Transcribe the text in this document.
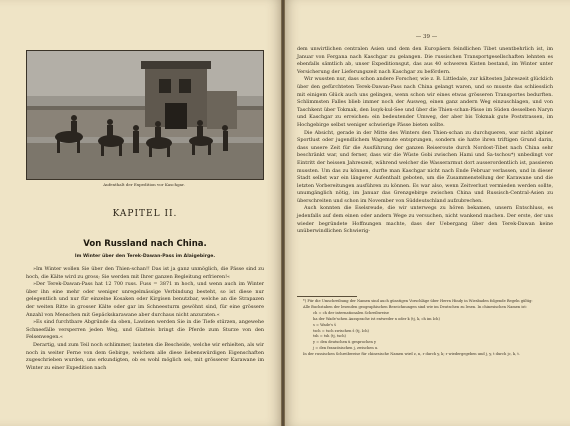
Aufenthalt der Expedition vor Kaschgar.
KAPITEL II.
Von Russland nach China.
Im Winter über den Terek-Dawan-Pass im Alaigebirge.

»Im Winter wollen Sie über den Thien-schan!! Das ist ja ganz unmöglich, die Pässe sind zu hoch, die Kälte wird zu gross; Sie werden mit Ihrer ganzen Begleitung erfrieren!«

»Der Terek-Dawan-Pass hat 12 700 russ. Fuss = 3871 m hoch, und wenn auch im Winter über ihn eine mehr oder weniger unregelmässige Verbindung besteht, so ist diese nur gelegentlich und nur für einzelne Kosaken oder Kirgisen benutzbar, welche an die Strapazen der weiten Ritte in grosser Kälte oder gar im Schneesturm gewöhnt sind, für eine grössere Anzahl von Menschen mit Gepäckskarawane aber durchaus nicht anzuraten.«

»Es sind furchtbare Abgründe da oben, Lawinen werden Sie in die Tiefe stürzen, angewehe Schneefälle versperren jeden Weg, und Glatteis bringt die Pferde zum Sturze von den Felsenwegen.«

Derartig, und zum Teil noch schlimmer, lauteten die Bescheide, welche wir erhielten, als wir noch in weiter Ferne von dem Gebirge, welchem alle diese liebenswürdigen Eigenschaften zugeschrieben wurden, uns erkundigten, ob es wohl möglich sei, mit grösserer Karawane im Winter zu einer Expedition nach

— 39 —

dem unwirtlichen centralen Asien und dem den Europäern feindlichen Tibet unentbehrlich ist, im Januar von Fergana nach Kaschgar zu gelangen. Die russischen Transportgesellschaften lehnten es ebenfalls sämtlich ab, unser Expeditionsgut, das aus 40 schweren Kisten bestand, im Winter unter Versicherung der Lieferungszeit nach Kaschgar zu befördern.

Wir wussten nur, dass schon andere Forscher, wie z. B. Littledale, zur kältesten Jahreszeit glücklich über den gefürchteten Terek-Dawan-Pass nach China gelangt waren, und so musste das schliesslich mit einigem Glück auch uns gelingen, wenn schon wir eines etwas grösseren Transportes bedurften. Schlimmsten Falles blieb immer noch der Ausweg, einen ganz andern Weg einzuschlagen, und von Taschkent über Tokmak, den Issyk-kul-See und über die Thien-schan-Pässe im Süden desselben Naryn und Kaschgar zu erreichen: ein bedeutender Umweg, der aber bis Tokmak gute Poststrassen, im Hochgebirge selbst weniger schwierige Pässe bieten sollte.

Die Absicht, gerade in der Mitte des Winters den Thien-schan zu durchqueren, war nicht alpiner Sportlust oder jugendlichem Wagemute entsprungen, sondern sie hatte ihren triftigen Grund darin, dass unsere Zeit für die Ausführung der ganzen Reiseroute durch Nordost-Tibet nach China sehr beschränkt war, und ferner, dass wir die Wüste Gobi zwischen Hami und Sa-tschou*) unbedingt vor Eintritt der heissen Jahreszeit, während welcher die Wasserarmut dort ausserordentlich ist, passieren mussten. Um das zu können, durfte man Kaschgar nicht nach Ende Februar verlassen, und in dieser Stadt selbst war ein längerer Aufenthalt geboten, um die Zusammenstellung der Karawane und die letzten Vorbereitungen ausführen zu können. Es war also, wenn Zeitverlust vermieden werden sollte, unumgänglich nötig, im Januar das Grenzgebirge zwischen China und Russisch-Central-Asien zu überschreiten und schon im November von Süddeutschland aufzubrechen.

Auch konnten die Eselsreude, die wir unterwegs zu hören bekamen, unsern Entschluss, es jedenfalls auf dem einen oder andern Wege zu versuchen, nicht wankend machen. Der erste, der uns wieder begründete Hoffnungen machte, dass der Uebergang über den Terek-Dawan keine unüberwindlichen Schwierig-

*) Für die Umschreibung der Namen sind auch günstigen Vorschläge über Herrn Hindy in Wiesbaden folgende Regeln gültig:

Alle Buchstaben der lesenden geographischen Bezeichnungen sind wie im Deutschen zu lesen. In chinesischen Namen ist:

ch = ch der internationalen Schreibweise

ha der Wade'schen Aussprache ist entweder x oder k (tj, k, ch im Ich)

s = Wade's š

tsch = tsch zwischen š (tj, Ich)

tsh = tsh (tj, tsch)

y = den deutschen ü gesprochen y

j = den französischen j, zwischen u.

In der russischen Schreibweise für chinesische Namen wird z, n, r durch y, k; r wiedergegeben und j, y, t durch jc, k, t.
